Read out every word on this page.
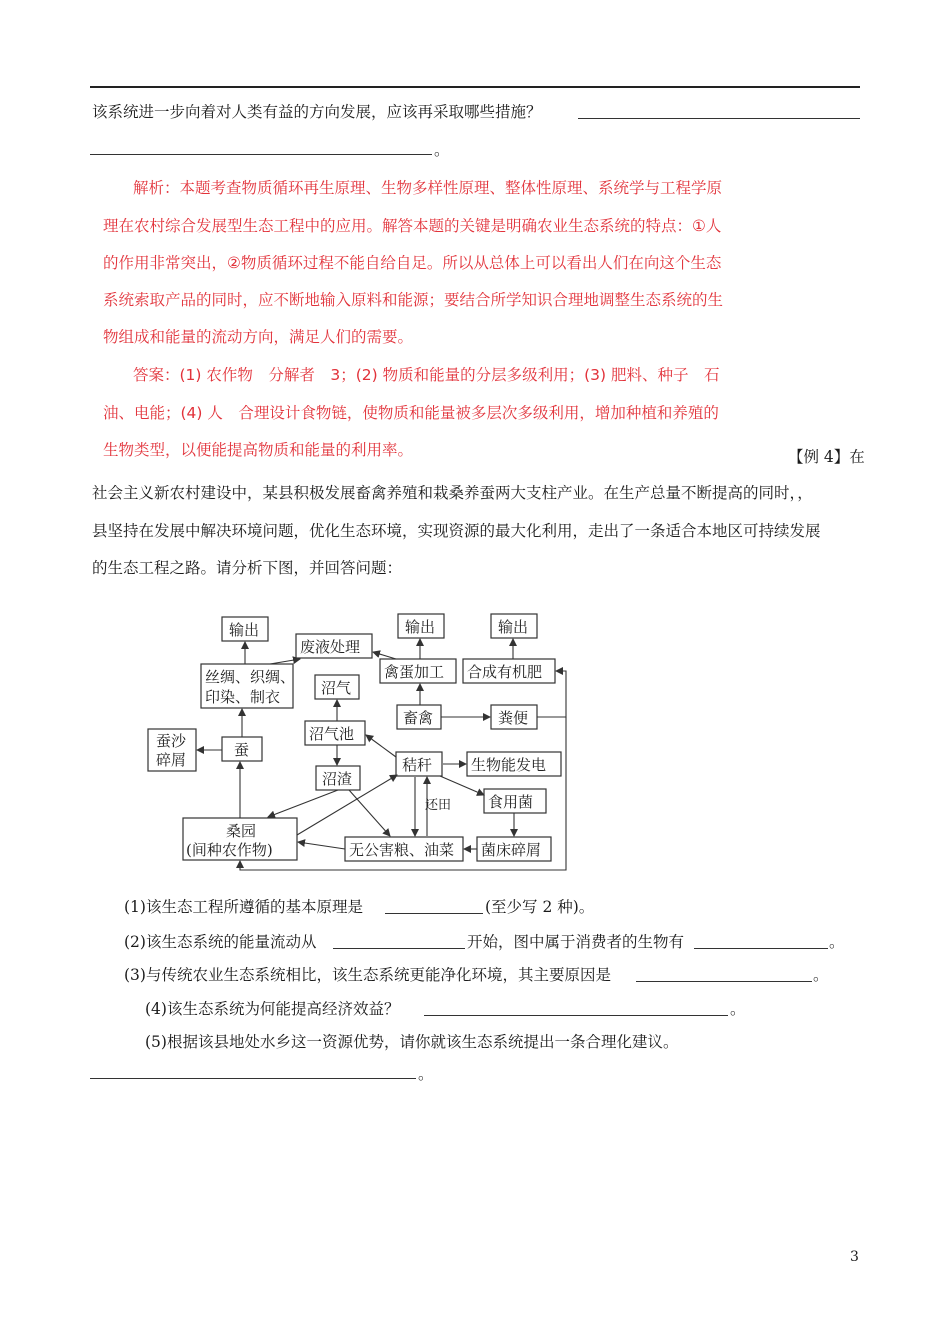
该系统进一步向着对人类有益的方向发展，应该再采取哪些措施？
。
解析：本题考查物质循环再生原理、生物多样性原理、整体性原理、系统学与工程学原
理在农村综合发展型生态工程中的应用。解答本题的关键是明确农业生态系统的特点：①人
的作用非常突出，②物质循环过程不能自给自足。所以从总体上可以看出人们在向这个生态
系统索取产品的同时，应不断地输入原料和能源；要结合所学知识合理地调整生态系统的生
物组成和能量的流动方向，满足人们的需要。
答案：(1) 农作物　分解者　3；(2) 物质和能量的分层多级利用；(3) 肥料、种子　石
油、电能；(4) 人　合理设计食物链，使物质和能量被多层次多级利用，增加种植和养殖的
生物类型，以便能提高物质和能量的利用率。	【例 4】在
社会主义新农村建设中，某县积极发展畜禽养殖和栽桑养蚕两大支柱产业。在生产总量不断提高的同时，，
县坚持在发展中解决环境问题，优化生态环境，实现资源的最大化利用，走出了一条适合本地区可持续发展
的生态工程之路。请分析下图，并回答问题：
输出
废液处理
输出	输出
丝绸、织绸、
印染、制衣	沼气
禽蛋加工 合成有机肥
畜禽	粪便
蚕沙
碎屑
蚕
沼气池
秸秆	生物能发电
沼渣
还田 食用菌
桑园
(间种农作物)	无公害粮、油菜 菌床碎屑
(1)该生态工程所遵循的基本原理是	(至少写 2 种)。
(2)该生态系统的能量流动从	开始，图中属于消费者的生物有	。
(3)与传统农业生态系统相比，该生态系统更能净化环境，其主要原因是	。
(4)该生态系统为何能提高经济效益？	。
(5)根据该县地处水乡这一资源优势，请你就该生态系统提出一条合理化建议。
。
3
